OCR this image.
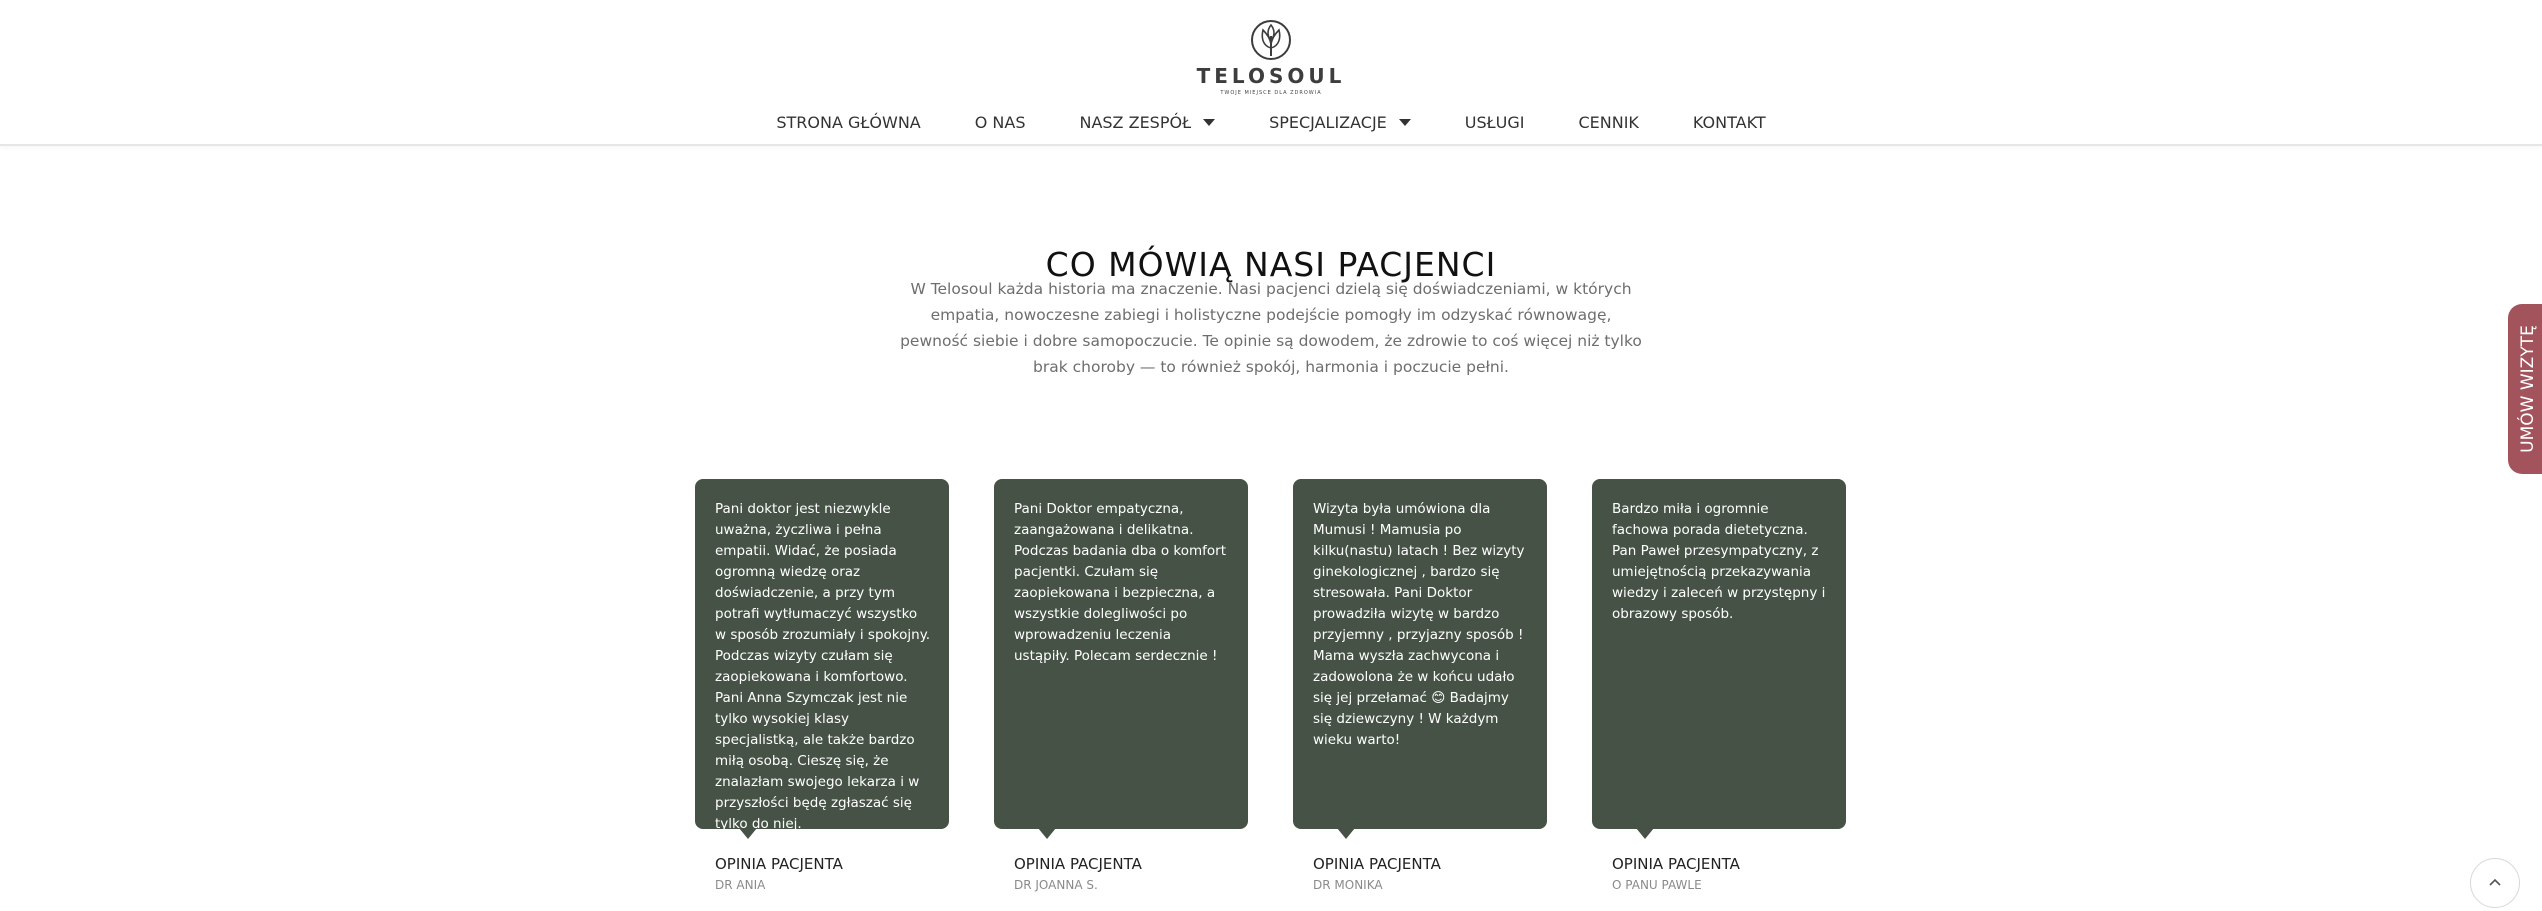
TELOSOUL
TWOJE MIEJSCE DLA ZDROWIA
STRONA GŁÓWNA	O NAS	NASZ ZESPÓŁ	SPECJALIZACJE	USŁUGI	CENNIK	KONTAKT
CO MÓWIĄ NASI PACJENCI

W Telosoul każda historia ma znaczenie. Nasi pacjenci dzielą się doświadczeniami, w których empatia, nowoczesne zabiegi i holistyczne podejście pomogły im odzyskać równowagę, pewność siebie i dobre samopoczucie. Te opinie są dowodem, że zdrowie to coś więcej niż tylko brak choroby — to również spokój, harmonia i poczucie pełni.

Pani doktor jest niezwykle uważna, życzliwa i pełna empatii. Widać, że posiada ogromną wiedzę oraz doświadczenie, a przy tym potrafi wytłumaczyć wszystko w sposób zrozumiały i spokojny. Podczas wizyty czułam się zaopiekowana i komfortowo. Pani Anna Szymczak jest nie tylko wysokiej klasy specjalistką, ale także bardzo miłą osobą. Cieszę się, że znalazłam swojego lekarza i w przyszłości będę zgłaszać się tylko do niej.
OPINIA PACJENTA
DR ANIA
Pani Doktor empatyczna, zaangażowana i delikatna. Podczas badania dba o komfort pacjentki. Czułam się zaopiekowana i bezpieczna, a wszystkie dolegliwości po wprowadzeniu leczenia ustąpiły. Polecam serdecznie !
OPINIA PACJENTA
DR JOANNA S.
Wizyta była umówiona dla Mumusi ! Mamusia po kilku(nastu) latach ! Bez wizyty ginekologicznej , bardzo się stresowała. Pani Doktor prowadziła wizytę w bardzo przyjemny , przyjazny sposób ! Mama wyszła zachwycona i zadowolona że w końcu udało się jej przełamać 😊 Badajmy się dziewczyny ! W każdym wieku warto!
OPINIA PACJENTA
DR MONIKA
Bardzo miła i ogromnie fachowa porada dietetyczna. Pan Paweł przesympatyczny, z umiejętnością przekazywania wiedzy i zaleceń w przystępny i obrazowy sposób.
OPINIA PACJENTA
O PANU PAWLE
UMÓW WIZYTĘ
